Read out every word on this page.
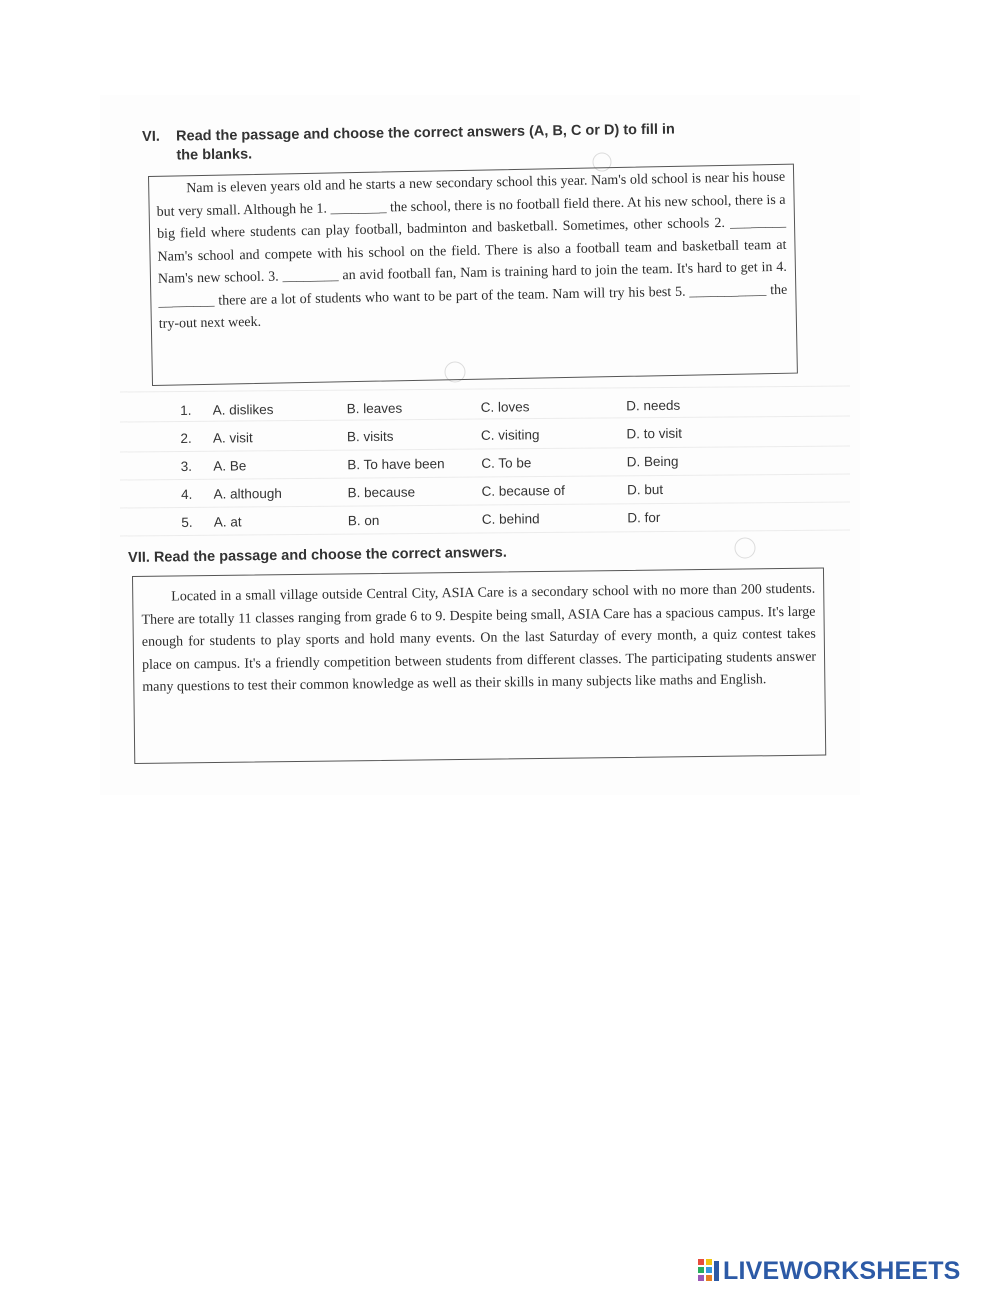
VI. Read the passage and choose the correct answers (A, B, C or D) to fill in
the blanks.

Nam is eleven years old and he starts a new secondary school this year. Nam's old school is near his house but very small. Although he 1. ________ the school, there is no football field there. At his new school, there is a big field where students can play football, badminton and basketball. Sometimes, other schools 2. ________ Nam's school and compete with his school on the field. There is also a football team and basketball team at Nam's new school. 3. ________ an avid football fan, Nam is training hard to join the team. It's hard to get in 4. ________ there are a lot of students who want to be part of the team. Nam will try his best 5. ___________ the try-out next week.

1.	A. dislikes	B. leaves	C. loves	D. needs
2.	A. visit	B. visits	C. visiting	D. to visit
3.	A. Be	B. To have been	C. To be	D. Being
4.	A. although	B. because	C. because of	D. but
5.	A. at	B. on	C. behind	D. for
VII. Read the passage and choose the correct answers.

Located in a small village outside Central City, ASIA Care is a secondary school with no more than 200 students. There are totally 11 classes ranging from grade 6 to 9. Despite being small, ASIA Care has a spacious campus. It's large enough for students to play sports and hold many events. On the last Saturday of every month, a quiz contest takes place on campus. It's a friendly competition between students from different classes. The participating students answer many questions to test their common knowledge as well as their skills in many subjects like maths and English.

LIVEWORKSHEETS
